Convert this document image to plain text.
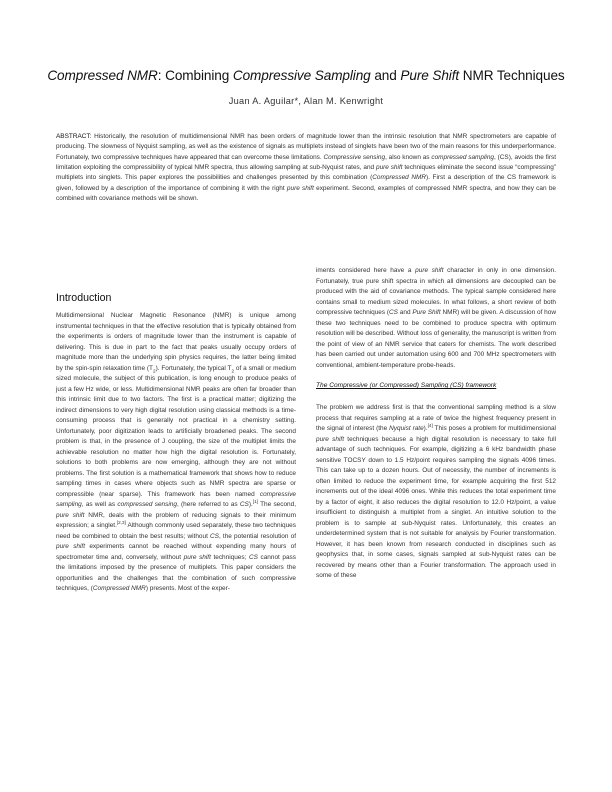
Compressed NMR: Combining Compressive Sampling and Pure Shift NMR Techniques
Juan A. Aguilar*, Alan M. Kenwright
ABSTRACT: Historically, the resolution of multidimensional NMR has been orders of magnitude lower than the intrinsic resolution that NMR spectrometers are capable of producing. The slowness of Nyquist sampling, as well as the existence of signals as multiplets instead of singlets have been two of the main reasons for this underperformance. Fortunately, two compressive techniques have appeared that can overcome these limitations. Compressive sensing, also known as compressed sampling, (CS), avoids the first limitation exploiting the compressibility of typical NMR spectra, thus allowing sampling at sub-Nyquist rates, and pure shift techniques eliminate the second issue “compressing” multiplets into singlets. This paper explores the possibilities and challenges presented by this combination (Compressed NMR). First a description of the CS framework is given, followed by a description of the importance of combining it with the right pure shift experiment. Second, examples of compressed NMR spectra, and how they can be combined with covariance methods will be shown.
Introduction

Multidimensional Nuclear Magnetic Resonance (NMR) is unique among instrumental techniques in that the effective resolution that is typically obtained from the experiments is orders of magnitude lower than the instrument is capable of delivering. This is due in part to the fact that peaks usually occupy orders of magnitude more than the underlying spin physics requires, the latter being limited by the spin-spin relaxation time $(T_2)$. Fortunately, the typical $T_2$ of a small or medium sized molecule, the subject of this publication, is long enough to produce peaks of just a few Hz wide, or less. Multidimensional NMR peaks are often far broader than this intrinsic limit due to two factors. The first is a practical matter; digitizing the indirect dimensions to very high digital resolution using classical methods is a time-consuming process that is generally not practical in a chemistry setting. Unfortunately, poor digitization leads to artificially broadened peaks. The second problem is that, in the presence of J coupling, the size of the multiplet limits the achievable resolution no matter how high the digital resolution is. Fortunately, solutions to both problems are now emerging, although they are not without problems. The first solution is a mathematical framework that shows how to reduce sampling times in cases where objects such as NMR spectra are sparse or compressible (near sparse). This framework has been named compressive sampling, as well as compressed sensing, (here referred to as CS).[1] The second, pure shift NMR, deals with the problem of reducing signals to their minimum expression; a singlet.[2,3] Although commonly used separately, these two techniques need be combined to obtain the best results; without CS, the potential resolution of pure shift experiments cannot be reached without expending many hours of spectrometer time and, conversely, without pure shift techniques; CS cannot pass the limitations imposed by the presence of multiplets. This paper considers the opportunities and the challenges that the combination of such compressive techniques, (Compressed NMR) presents. Most of the exper-

iments considered here have a pure shift character in only in one dimension. Fortunately, true pure shift spectra in which all dimensions are decoupled can be produced with the aid of covariance methods. The typical sample considered here contains small to medium sized molecules. In what follows, a short review of both compressive techniques (CS and Pure Shift NMR) will be given. A discussion of how these two techniques need to be combined to produce spectra with optimum resolution will be described. Without loss of generality, the manuscript is written from the point of view of an NMR service that caters for chemists. The work described has been carried out under automation using 600 and 700 MHz spectrometers with conventional, ambient-temperature probe-heads.

The Compressive (or Compressed) Sampling (CS) framework

The problem we address first is that the conventional sampling method is a slow process that requires sampling at a rate of twice the highest frequency present in the signal of interest (the Nyquist rate).[4] This poses a problem for multidimensional pure shift techniques because a high digital resolution is necessary to take full advantage of such techniques. For example, digitizing a 6 kHz bandwidth phase sensitive TOCSY down to 1.5 Hz/point requires sampling the signals 4096 times. This can take up to a dozen hours. Out of necessity, the number of increments is often limited to reduce the experiment time, for example acquiring the first 512 increments out of the ideal 4096 ones. While this reduces the total experiment time by a factor of eight, it also reduces the digital resolution to 12.0 Hz/point, a value insufficient to distinguish a multiplet from a singlet. An intuitive solution to the problem is to sample at sub-Nyquist rates. Unfortunately, this creates an underdetermined system that is not suitable for analysis by Fourier transformation. However, it has been known from research conducted in disciplines such as geophysics that, in some cases, signals sampled at sub-Nyquist rates can be recovered by means other than a Fourier transformation. The approach used in some of these
